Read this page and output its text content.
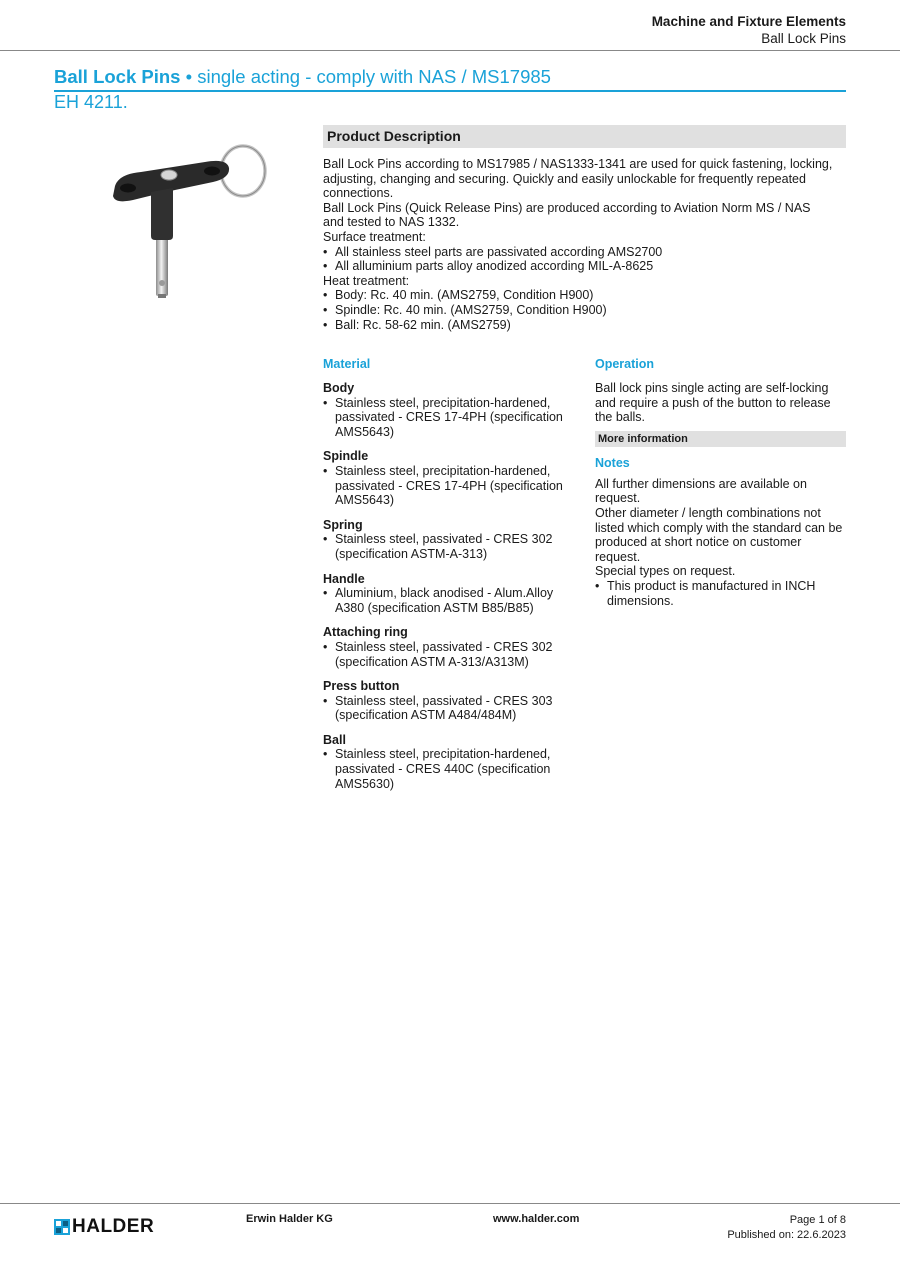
Machine and Fixture Elements
Ball Lock Pins
Ball Lock Pins • single acting - comply with NAS / MS17985
EH 4211.
Product Description

Ball Lock Pins according to MS17985 / NAS1333-1341 are used for quick fastening, locking, adjusting, changing and securing. Quickly and easily unlockable for frequently repeated connections.

Ball Lock Pins (Quick Release Pins) are produced according to Aviation Norm MS / NAS and tested to NAS 1332.

Surface treatment:

• All stainless steel parts are passivated according AMS2700
• All alluminium parts alloy anodized according MIL-A-8625

Heat treatment:

• Body: Rc. 40 min. (AMS2759, Condition H900)
• Spindle: Rc. 40 min. (AMS2759, Condition H900)
• Ball: Rc. 58-62 min. (AMS2759)
Material
Body
• Stainless steel, precipitation-hardened, passivated - CRES 17-4PH (specification AMS5643)
Spindle
• Stainless steel, precipitation-hardened, passivated - CRES 17-4PH (specification AMS5643)
Spring
• Stainless steel, passivated - CRES 302 (specification ASTM-A-313)
Handle
• Aluminium, black anodised - Alum.Alloy A380 (specification ASTM B85/B85)
Attaching ring
• Stainless steel, passivated - CRES 302 (specification ASTM A-313/A313M)
Press button
• Stainless steel, passivated - CRES 303 (specification ASTM A484/484M)
Ball
• Stainless steel, precipitation-hardened, passivated - CRES 440C (specification AMS5630)
Operation

Ball lock pins single acting are self-locking and require a push of the button to release the balls.

More information
Notes

All further dimensions are available on request.

Other diameter / length combinations not listed which comply with the standard can be produced at short notice on customer request.

Special types on request.

• This product is manufactured in INCH dimensions.
HALDER	Erwin Halder KG	www.halder.com	Page 1 of 8
Published on: 22.6.2023
